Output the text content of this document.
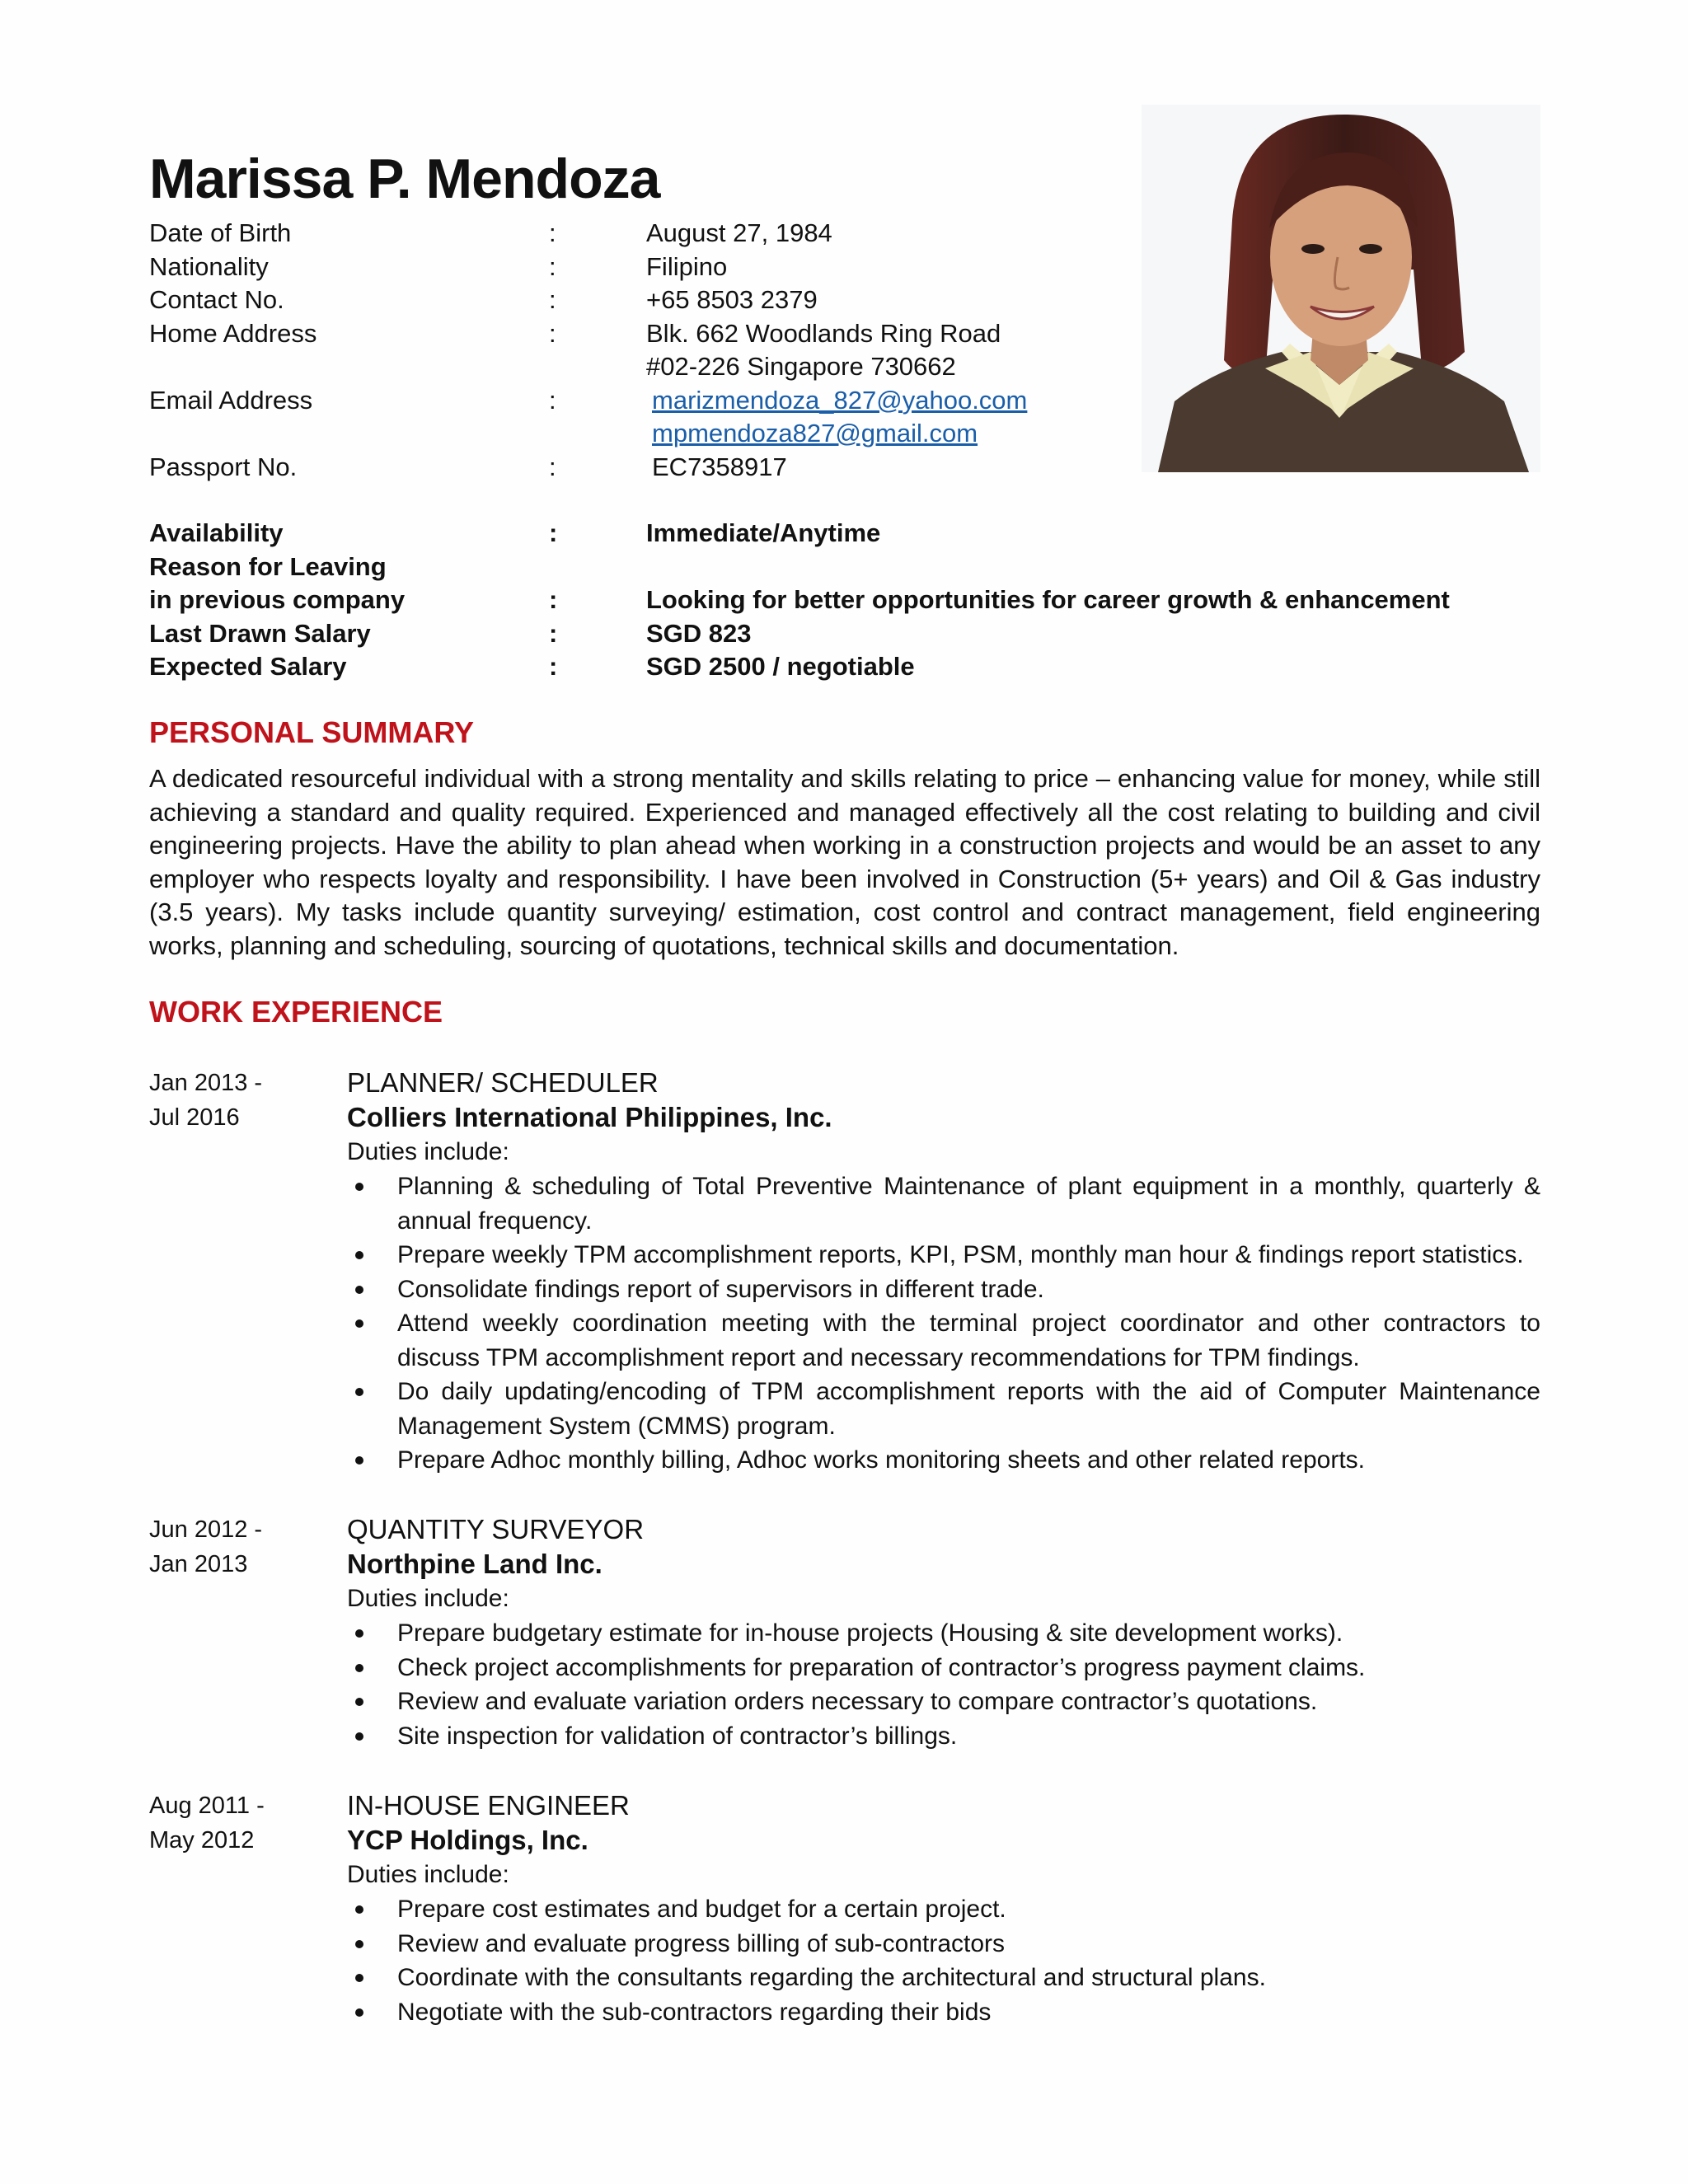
Marissa P. Mendoza
Date of Birth	:	August 27, 1984
Nationality	:	Filipino
Contact No.	:	+65 8503 2379
Home Address	:	Blk. 662 Woodlands Ring Road
#02-226 Singapore 730662
Email Address	:	marizmendoza_827@yahoo.com
mpmendoza827@gmail.com
Passport No.	:	EC7358917
Availability	:	Immediate/Anytime
Reason for Leaving
in previous company	:	Looking for better opportunities for career growth & enhancement
Last Drawn Salary	:	SGD 823
Expected Salary	:	SGD 2500 / negotiable
PERSONAL SUMMARY

A dedicated resourceful individual with a strong mentality and skills relating to price – enhancing value for money, while still achieving a standard and quality required. Experienced and managed effectively all the cost relating to building and civil engineering projects. Have the ability to plan ahead when working in a construction projects and would be an asset to any employer who respects loyalty and responsibility. I have been involved in Construction (5+ years) and Oil & Gas industry (3.5 years). My tasks include quantity surveying/ estimation, cost control and contract management, field engineering works, planning and scheduling, sourcing of quotations, technical skills and documentation.

WORK EXPERIENCE
Jan 2013 -
Jul 2016
PLANNER/ SCHEDULER
Colliers International Philippines, Inc.
Duties include:
Planning & scheduling of Total Preventive Maintenance of plant equipment in a monthly, quarterly & annual frequency.
Prepare weekly TPM accomplishment reports, KPI, PSM, monthly man hour & findings report statistics.
Consolidate findings report of supervisors in different trade.
Attend weekly coordination meeting with the terminal project coordinator and other contractors to discuss TPM accomplishment report and necessary recommendations for TPM findings.
Do daily updating/encoding of TPM accomplishment reports with the aid of Computer Maintenance Management System (CMMS) program.
Prepare Adhoc monthly billing, Adhoc works monitoring sheets and other related reports.
Jun 2012 -
Jan 2013
QUANTITY SURVEYOR
Northpine Land Inc.
Duties include:
Prepare budgetary estimate for in-house projects (Housing & site development works).
Check project accomplishments for preparation of contractor’s progress payment claims.
Review and evaluate variation orders necessary to compare contractor’s quotations.
Site inspection for validation of contractor’s billings.
Aug 2011 -
May 2012
IN-HOUSE ENGINEER
YCP Holdings, Inc.
Duties include:
Prepare cost estimates and budget for a certain project.
Review and evaluate progress billing of sub-contractors
Coordinate with the consultants regarding the architectural and structural plans.
Negotiate with the sub-contractors regarding their bids
